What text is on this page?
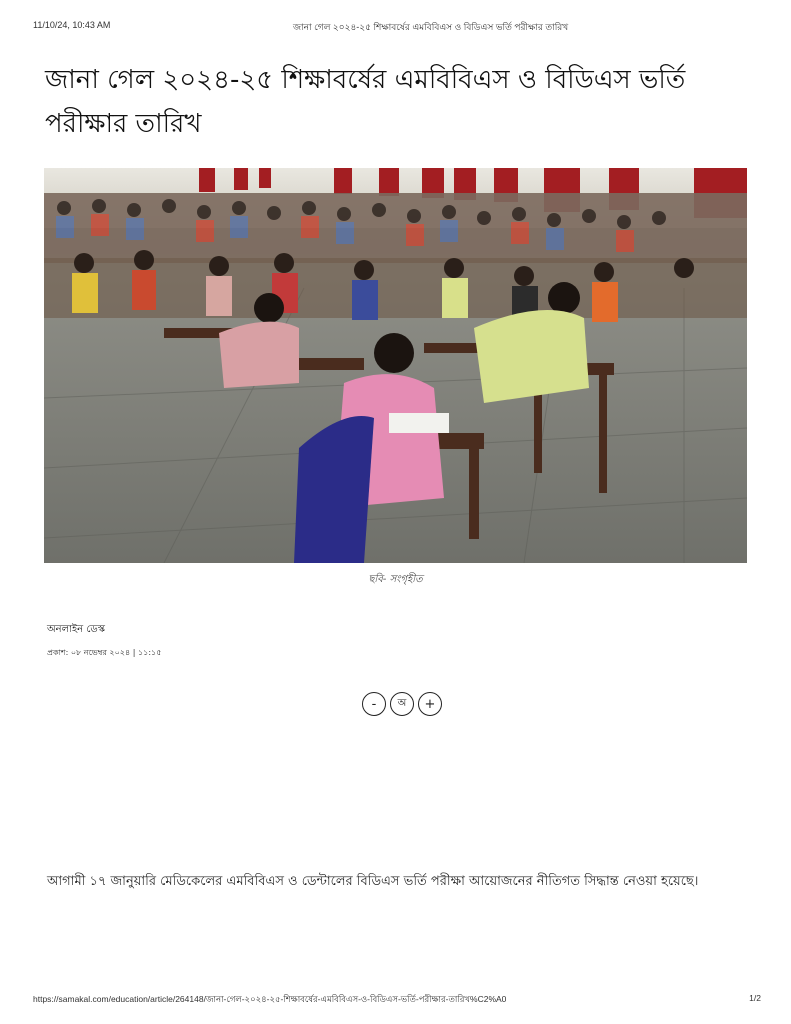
11/10/24, 10:43 AM	জানা গেল ২০২৪-২৫ শিক্ষাবর্ষের এমবিবিএস ও বিডিএস ভর্তি পরীক্ষার তারিখ
জানা গেল ২০২৪-২৫ শিক্ষাবর্ষের এমবিবিএস ও বিডিএস ভর্তি পরীক্ষার তারিখ
ছবি- সংগৃহীত
অনলাইন ডেস্ক
প্রকাশ: ০৮ নভেম্বর ২০২৪ | ১১:১৫
-	অ	+

আগামী ১৭ জানুয়ারি মেডিকেলের এমবিবিএস ও ডেন্টালের বিডিএস ভর্তি পরীক্ষা আয়োজনের নীতিগত সিদ্ধান্ত নেওয়া হয়েছে।

https://samakal.com/education/article/264148/জানা-গেল-২০২৪-২৫-শিক্ষাবর্ষের-এমবিবিএস-ও-বিডিএস-ভর্তি-পরীক্ষার-তারিখ%C2%A0	1/2
